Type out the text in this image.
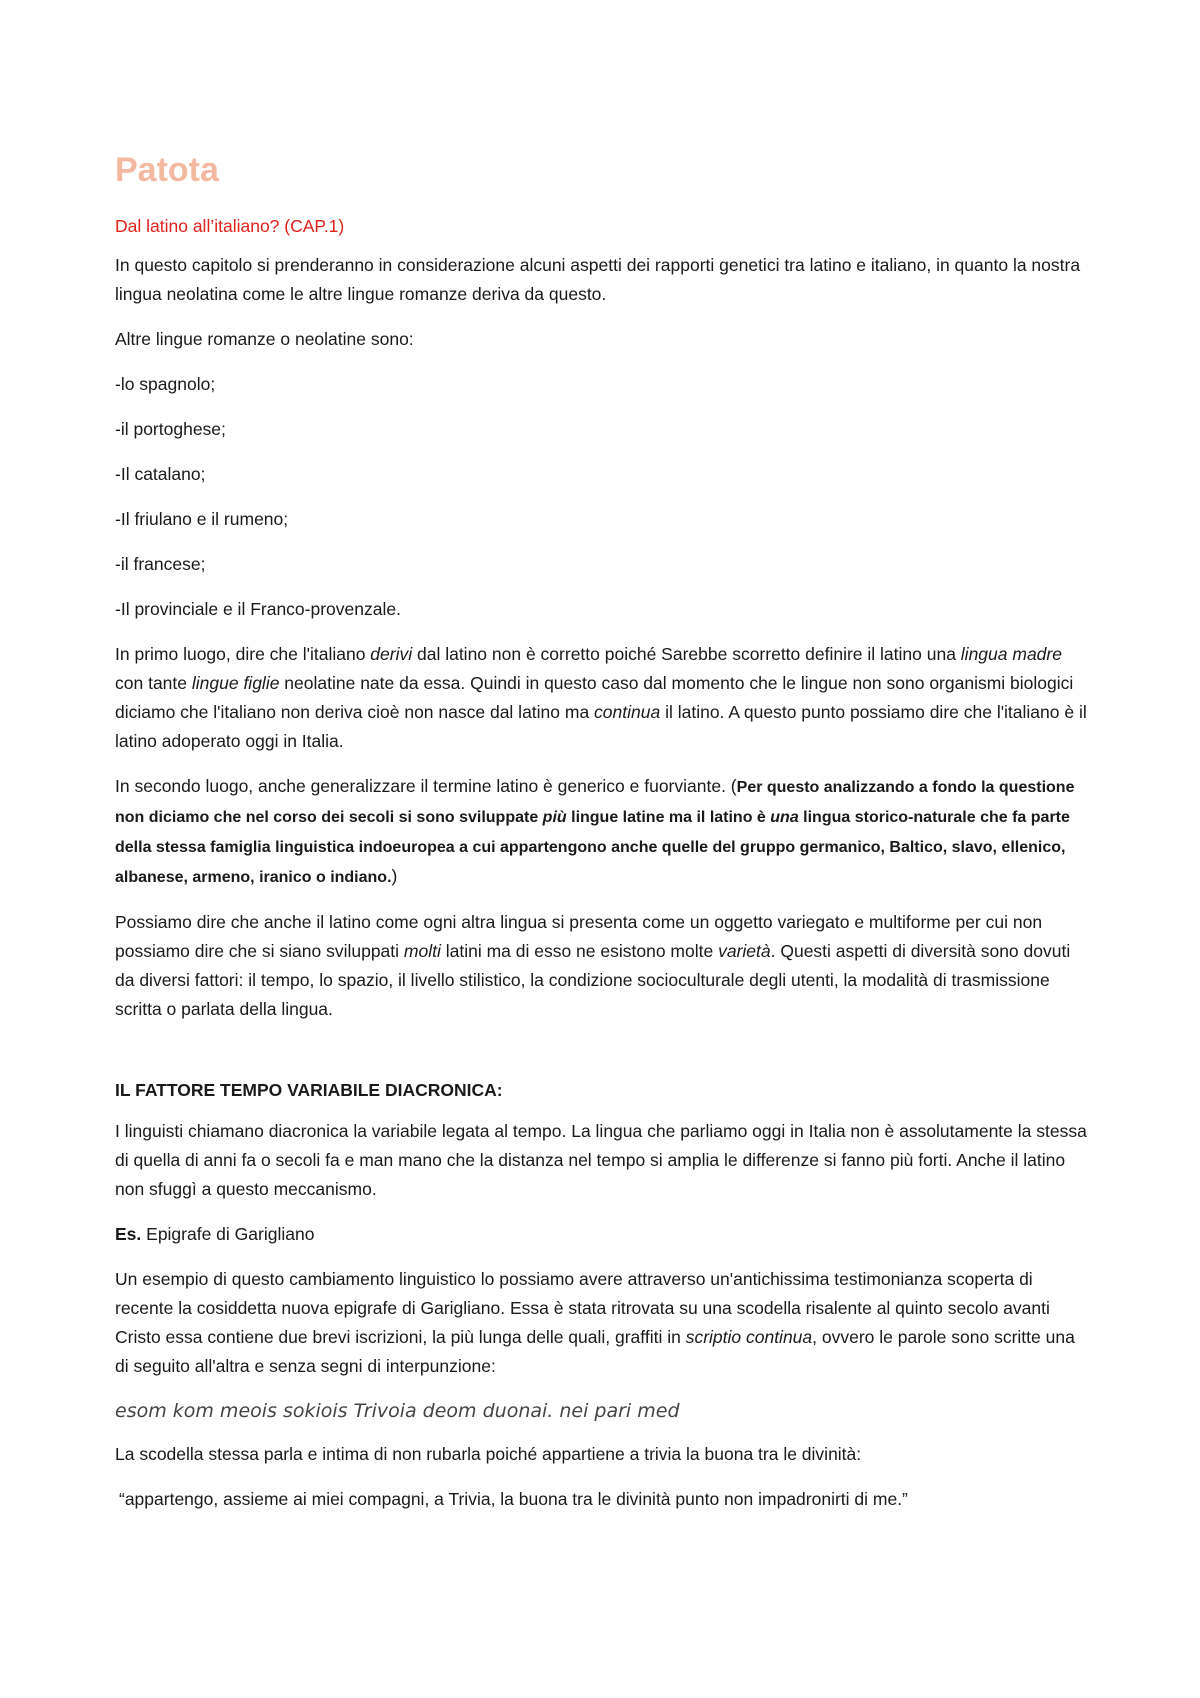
Patota
Dal latino all’italiano? (CAP.1)

In questo capitolo si prenderanno in considerazione alcuni aspetti dei rapporti genetici tra latino e italiano, in quanto la nostra lingua neolatina come le altre lingue romanze deriva da questo.

Altre lingue romanze o neolatine sono:

-lo spagnolo;
-il portoghese;
-Il catalano;
-Il friulano e il rumeno;
-il francese;
-Il provinciale e il Franco-provenzale.

In primo luogo, dire che l'italiano derivi dal latino non è corretto poiché Sarebbe scorretto definire il latino una lingua madre con tante lingue figlie neolatine nate da essa. Quindi in questo caso dal momento che le lingue non sono organismi biologici diciamo che l'italiano non deriva cioè non nasce dal latino ma continua il latino. A questo punto possiamo dire che l'italiano è il latino adoperato oggi in Italia.

In secondo luogo, anche generalizzare il termine latino è generico e fuorviante. (Per questo analizzando a fondo la questione non diciamo che nel corso dei secoli si sono sviluppate più lingue latine ma il latino è una lingua storico-naturale che fa parte della stessa famiglia linguistica indoeuropea a cui appartengono anche quelle del gruppo germanico, Baltico, slavo, ellenico, albanese, armeno, iranico o indiano.)

Possiamo dire che anche il latino come ogni altra lingua si presenta come un oggetto variegato e multiforme per cui non possiamo dire che si siano sviluppati molti latini ma di esso ne esistono molte varietà. Questi aspetti di diversità sono dovuti da diversi fattori: il tempo, lo spazio, il livello stilistico, la condizione socioculturale degli utenti, la modalità di trasmissione scritta o parlata della lingua.

IL FATTORE TEMPO VARIABILE DIACRONICA:

I linguisti chiamano diacronica la variabile legata al tempo. La lingua che parliamo oggi in Italia non è assolutamente la stessa di quella di anni fa o secoli fa e man mano che la distanza nel tempo si amplia le differenze si fanno più forti. Anche il latino non sfuggì a questo meccanismo.

Es. Epigrafe di Garigliano

Un esempio di questo cambiamento linguistico lo possiamo avere attraverso un'antichissima testimonianza scoperta di recente la cosiddetta nuova epigrafe di Garigliano. Essa è stata ritrovata su una scodella risalente al quinto secolo avanti Cristo essa contiene due brevi iscrizioni, la più lunga delle quali, graffiti in scriptio continua, ovvero le parole sono scritte una di seguito all'altra e senza segni di interpunzione:

esom kom meois sokiois Trivoia deom duonai. nei pari med

La scodella stessa parla e intima di non rubarla poiché appartiene a trivia la buona tra le divinità:

“appartengo, assieme ai miei compagni, a Trivia, la buona tra le divinità punto non impadronirti di me.”
